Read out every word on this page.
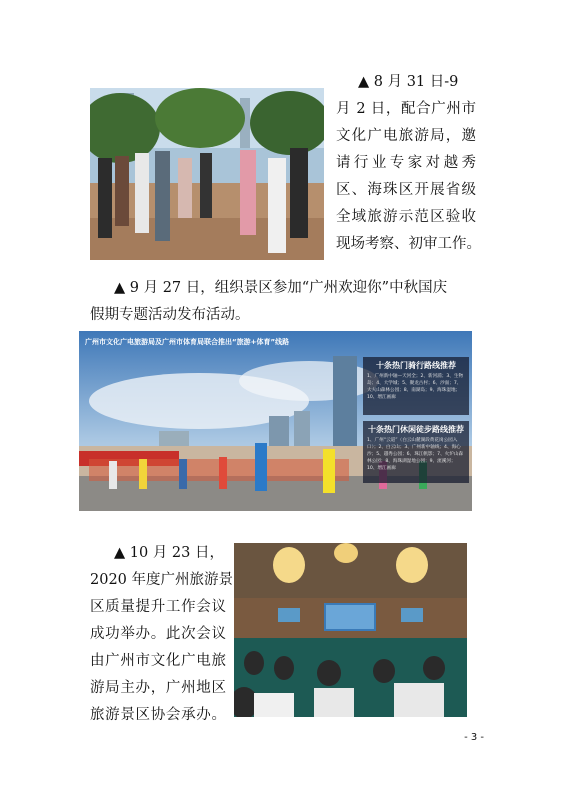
▲ 8 月 31 日-9
月 2 日，配合广州市
文化广电旅游局，邀
请行业专家对越秀
区、海珠区开展省级
全域旅游示范区验收
现场考察、初审工作。
▲ 9 月 27 日，组织景区参加“广州欢迎你”中秋国庆
假期专题活动发布活动。
广州市文化广电旅游局及广州市体育局联合推出“旅游+体育”线路
十条热门骑行路线推荐
1、广州新中轴—天河全；2、新河浦；3、生物岛；4、大学城；5、聚龙古村；6、沙面；7、大夫山森林公园；8、南湖岛；9、海珠湿地；10、增江画廊
十条热门休闲徒步路线推荐
1、广州“云道”（白云山麓湖段黄花岗公园入口）；2、白云山；3、广州新中轴线；4、海心沙；5、越秀公园；6、珠江帆影；7、火炉山森林公园；8、海珠湖湿地公园；9、流溪河；10、增江画廊
▲ 10 月 23 日，
2020 年度广州旅游景
区质量提升工作会议
成功举办。此次会议
由广州市文化广电旅
游局主办，广州地区
旅游景区协会承办。
- 3 -
